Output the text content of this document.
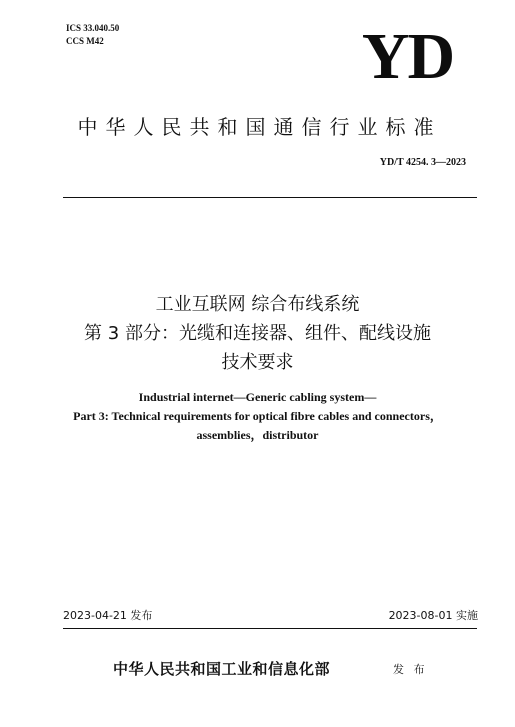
ICS 33.040.50
CCS M42	YD
中华人民共和国通信行业标准
YD/T 4254. 3—2023
工业互联网 综合布线系统
第 3 部分：光缆和连接器、组件、配线设施
技术要求
Industrial internet—Generic cabling system—
Part 3: Technical requirements for optical fibre cables and connectors，
assemblies，distributor
2023-04-21 发布	2023-08-01 实施
中华人民共和国工业和信息化部	发 布
